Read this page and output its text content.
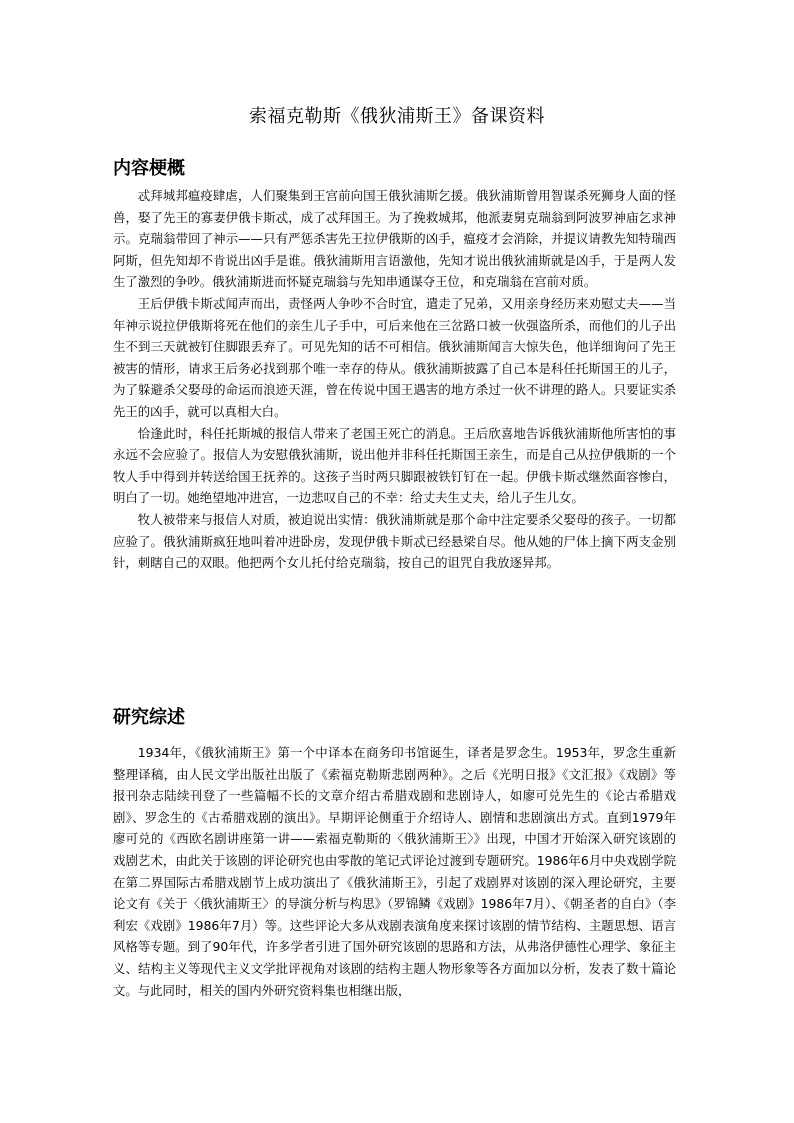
索福克勒斯《俄狄浦斯王》备课资料
内容梗概

忒拜城邦瘟疫肆虐，人们聚集到王宫前向国王俄狄浦斯乞援。俄狄浦斯曾用智谋杀死狮身人面的怪兽，娶了先王的寡妻伊俄卡斯忒，成了忒拜国王。为了挽救城邦，他派妻舅克瑞翁到阿波罗神庙乞求神示。克瑞翁带回了神示——只有严惩杀害先王拉伊俄斯的凶手，瘟疫才会消除，并提议请教先知特瑞西阿斯，但先知却不肯说出凶手是谁。俄狄浦斯用言语激他，先知才说出俄狄浦斯就是凶手，于是两人发生了激烈的争吵。俄狄浦斯进而怀疑克瑞翁与先知串通谋夺王位，和克瑞翁在宫前对质。

王后伊俄卡斯忒闻声而出，责怪两人争吵不合时宜，遣走了兄弟，又用亲身经历来劝慰丈夫——当年神示说拉伊俄斯将死在他们的亲生儿子手中，可后来他在三岔路口被一伙强盗所杀，而他们的儿子出生不到三天就被钉住脚跟丢弃了。可见先知的话不可相信。俄狄浦斯闻言大惊失色，他详细询问了先王被害的情形，请求王后务必找到那个唯一幸存的侍从。俄狄浦斯披露了自己本是科任托斯国王的儿子，为了躲避杀父娶母的命运而浪迹天涯，曾在传说中国王遇害的地方杀过一伙不讲理的路人。只要证实杀先王的凶手，就可以真相大白。

恰逢此时，科任托斯城的报信人带来了老国王死亡的消息。王后欣喜地告诉俄狄浦斯他所害怕的事永远不会应验了。报信人为安慰俄狄浦斯，说出他并非科任托斯国王亲生，而是自己从拉伊俄斯的一个牧人手中得到并转送给国王抚养的。这孩子当时两只脚跟被铁钉钉在一起。伊俄卡斯忒继然面容惨白，明白了一切。她绝望地冲进宫，一边悲叹自己的不幸：给丈夫生丈夫，给儿子生儿女。

牧人被带来与报信人对质，被迫说出实情：俄狄浦斯就是那个命中注定要杀父娶母的孩子。一切都应验了。俄狄浦斯疯狂地叫着冲进卧房，发现伊俄卡斯忒已经悬梁自尽。他从她的尸体上摘下两支金别针，刺瞎自己的双眼。他把两个女儿托付给克瑞翁，按自己的诅咒自我放逐异邦。

研究综述

1934年，《俄狄浦斯王》第一个中译本在商务印书馆诞生，译者是罗念生。1953年，罗念生重新整理译稿，由人民文学出版社出版了《索福克勒斯悲剧两种》。之后《光明日报》《文汇报》《戏剧》等报刊杂志陆续刊登了一些篇幅不长的文章介绍古希腊戏剧和悲剧诗人，如廖可兑先生的《论古希腊戏剧》、罗念生的《古希腊戏剧的演出》。早期评论侧重于介绍诗人、剧情和悲剧演出方式。直到1979年廖可兑的《西欧名剧讲座第一讲——索福克勒斯的〈俄狄浦斯王〉》出现，中国才开始深入研究该剧的戏剧艺术，由此关于该剧的评论研究也由零散的笔记式评论过渡到专题研究。1986年6月中央戏剧学院在第二界国际古希腊戏剧节上成功演出了《俄狄浦斯王》，引起了戏剧界对该剧的深入理论研究，主要论文有《关于〈俄狄浦斯王〉的导演分析与构思》（罗锦鳞《戏剧》1986年7月）、《朝圣者的自白》（李利宏《戏剧》1986年7月）等。这些评论大多从戏剧表演角度来探讨该剧的情节结构、主题思想、语言风格等专题。到了90年代，许多学者引进了国外研究该剧的思路和方法，从弗洛伊德性心理学、象征主义、结构主义等现代主义文学批评视角对该剧的结构主题人物形象等各方面加以分析，发表了数十篇论文。与此同时，相关的国内外研究资料集也相继出版，
